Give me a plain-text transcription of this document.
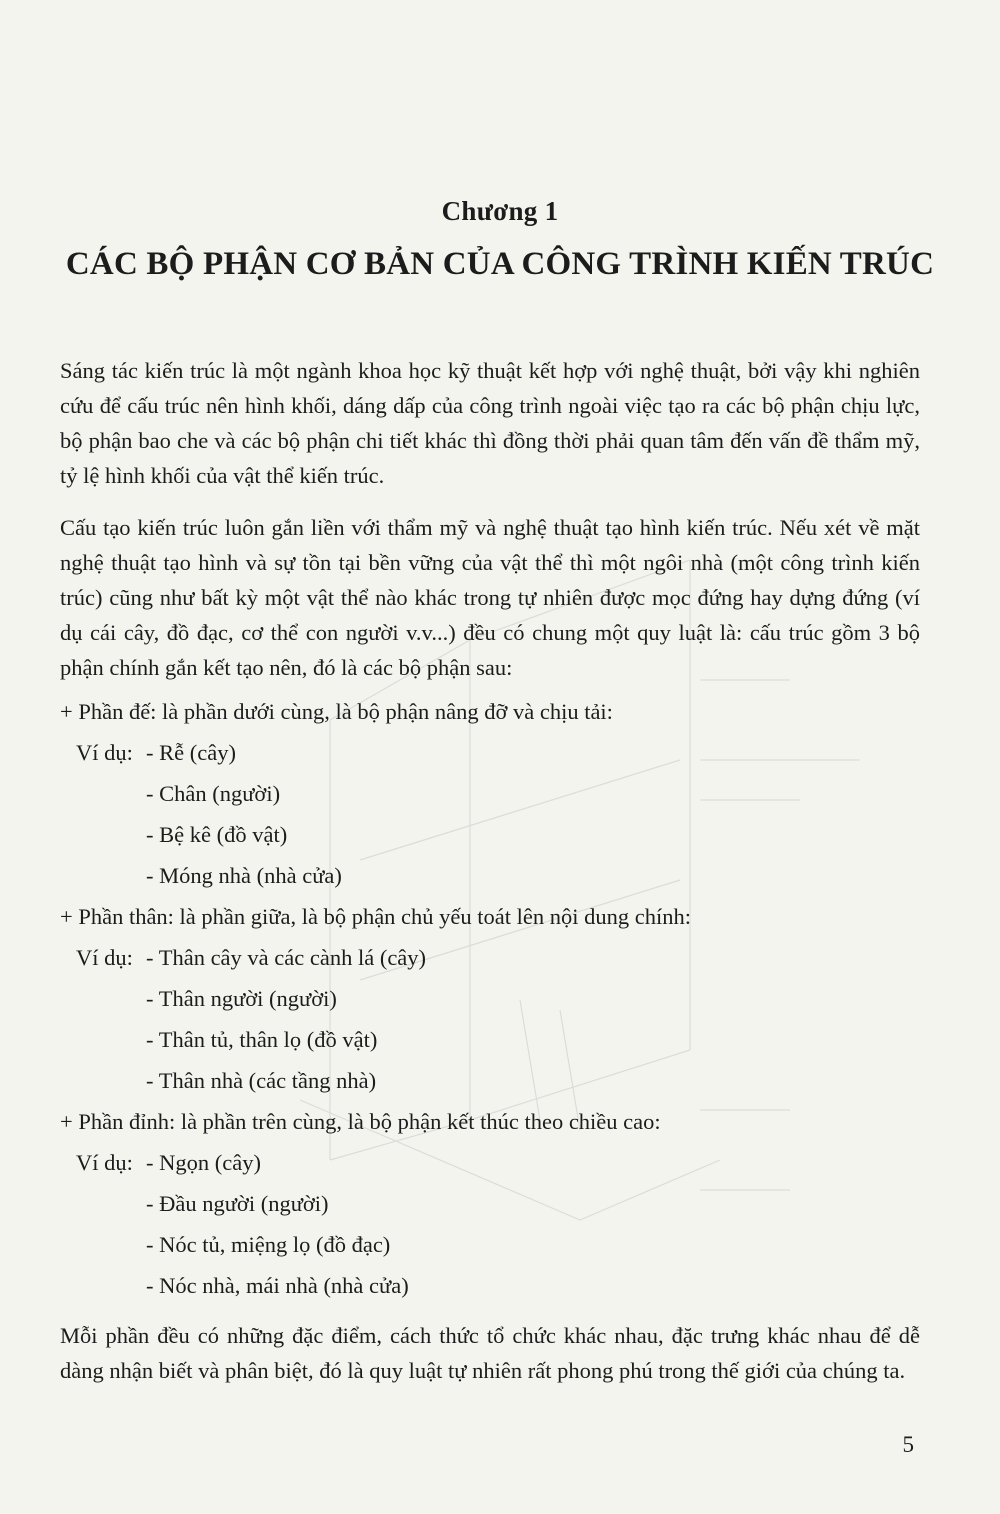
Chương 1
CÁC BỘ PHẬN CƠ BẢN CỦA CÔNG TRÌNH KIẾN TRÚC

Sáng tác kiến trúc là một ngành khoa học kỹ thuật kết hợp với nghệ thuật, bởi vậy khi nghiên cứu để cấu trúc nên hình khối, dáng dấp của công trình ngoài việc tạo ra các bộ phận chịu lực, bộ phận bao che và các bộ phận chi tiết khác thì đồng thời phải quan tâm đến vấn đề thẩm mỹ, tỷ lệ hình khối của vật thể kiến trúc.

Cấu tạo kiến trúc luôn gắn liền với thẩm mỹ và nghệ thuật tạo hình kiến trúc. Nếu xét về mặt nghệ thuật tạo hình và sự tồn tại bền vững của vật thể thì một ngôi nhà (một công trình kiến trúc) cũng như bất kỳ một vật thể nào khác trong tự nhiên được mọc đứng hay dựng đứng (ví dụ cái cây, đồ đạc, cơ thể con người v.v...) đều có chung một quy luật là: cấu trúc gồm 3 bộ phận chính gắn kết tạo nên, đó là các bộ phận sau:

+ Phần đế: là phần dưới cùng, là bộ phận nâng đỡ và chịu tải:

Ví dụ: - Rễ (cây)
- Chân (người)
- Bệ kê (đồ vật)
- Móng nhà (nhà cửa)

+ Phần thân: là phần giữa, là bộ phận chủ yếu toát lên nội dung chính:

Ví dụ: - Thân cây và các cành lá (cây)
- Thân người (người)
- Thân tủ, thân lọ (đồ vật)
- Thân nhà (các tầng nhà)

+ Phần đỉnh: là phần trên cùng, là bộ phận kết thúc theo chiều cao:

Ví dụ: - Ngọn (cây)
- Đầu người (người)
- Nóc tủ, miệng lọ (đồ đạc)
- Nóc nhà, mái nhà (nhà cửa)

Mỗi phần đều có những đặc điểm, cách thức tổ chức khác nhau, đặc trưng khác nhau để dễ dàng nhận biết và phân biệt, đó là quy luật tự nhiên rất phong phú trong thế giới của chúng ta.

5
